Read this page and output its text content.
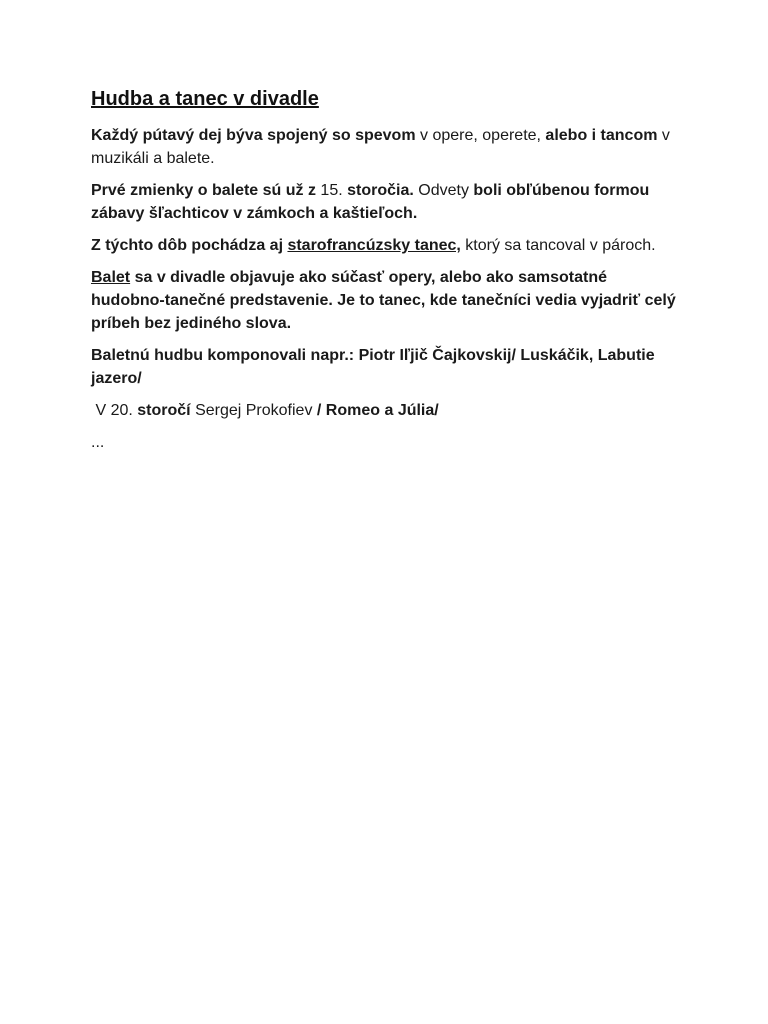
Hudba a tanec v divadle

Každý pútavý dej býva spojený so spevom v opere, operete, alebo i tancom v muzikáli a balete.

Prvé zmienky o balete sú už z 15. storočia. Odvety boli obľúbenou formou zábavy šľachticov v zámkoch a kaštieľoch.

Z týchto dôb pochádza aj starofrancúzsky tanec, ktorý sa tancoval v pároch.

Balet sa v divadle objavuje ako súčasť opery, alebo ako samsotatné hudobno-tanečné predstavenie. Je to tanec, kde tanečníci vedia vyjadriť celý príbeh bez jediného slova.

Baletnú hudbu komponovali napr.: Piotr Iľjič Čajkovskij/ Luskáčik, Labutie jazero/

V 20. storočí Sergej Prokofiev / Romeo a Júlia/

...
